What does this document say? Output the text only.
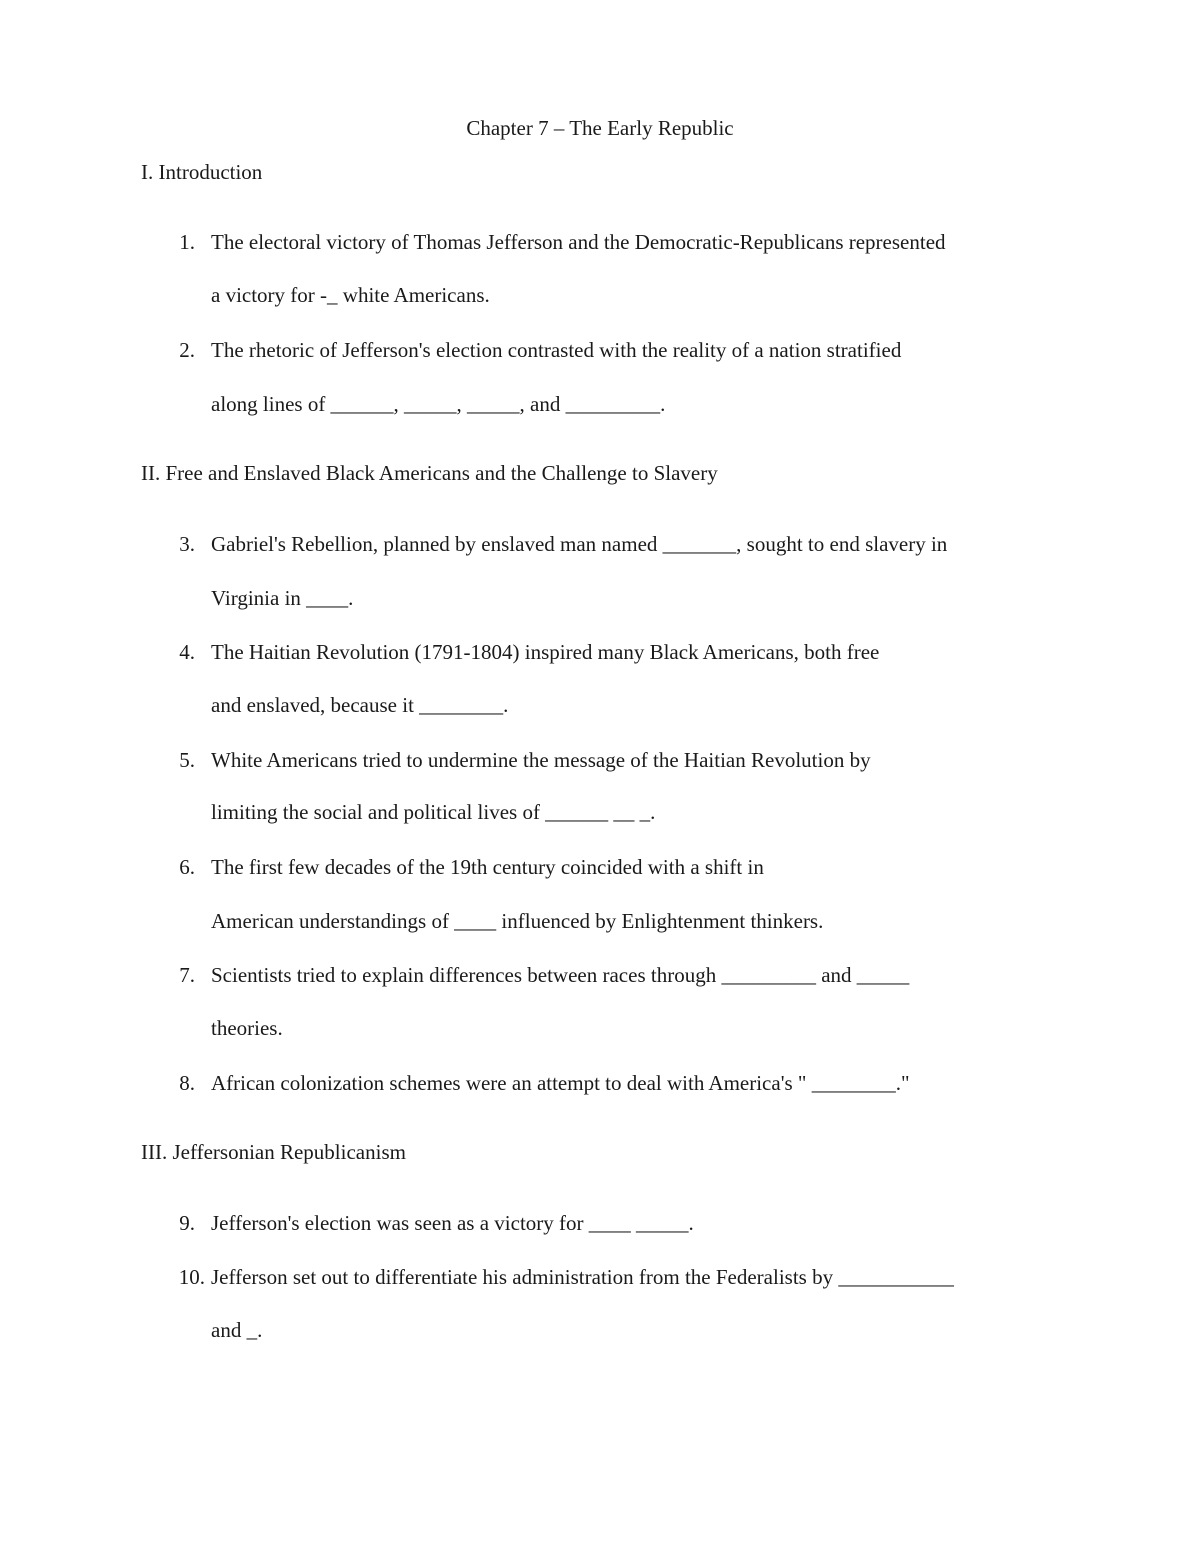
Chapter 7 – The Early Republic
I. Introduction
1. The electoral victory of Thomas Jefferson and the Democratic-Republicans represented
a victory for -_ white Americans.
2. The rhetoric of Jefferson's election contrasted with the reality of a nation stratified
along lines of ______, _____, _____, and _________.
II. Free and Enslaved Black Americans and the Challenge to Slavery
3. Gabriel's Rebellion, planned by enslaved man named _______, sought to end slavery in
Virginia in ____.
4. The Haitian Revolution (1791-1804) inspired many Black Americans, both free
and enslaved, because it ________.
5. White Americans tried to undermine the message of the Haitian Revolution by
limiting the social and political lives of ______ __ _.
6. The first few decades of the 19th century coincided with a shift in
American understandings of ____ influenced by Enlightenment thinkers.
7. Scientists tried to explain differences between races through _________ and _____
theories.
8. African colonization schemes were an attempt to deal with America's " ________."
III. Jeffersonian Republicanism
9. Jefferson's election was seen as a victory for ____ _____.
10. Jefferson set out to differentiate his administration from the Federalists by ___________
and _.
